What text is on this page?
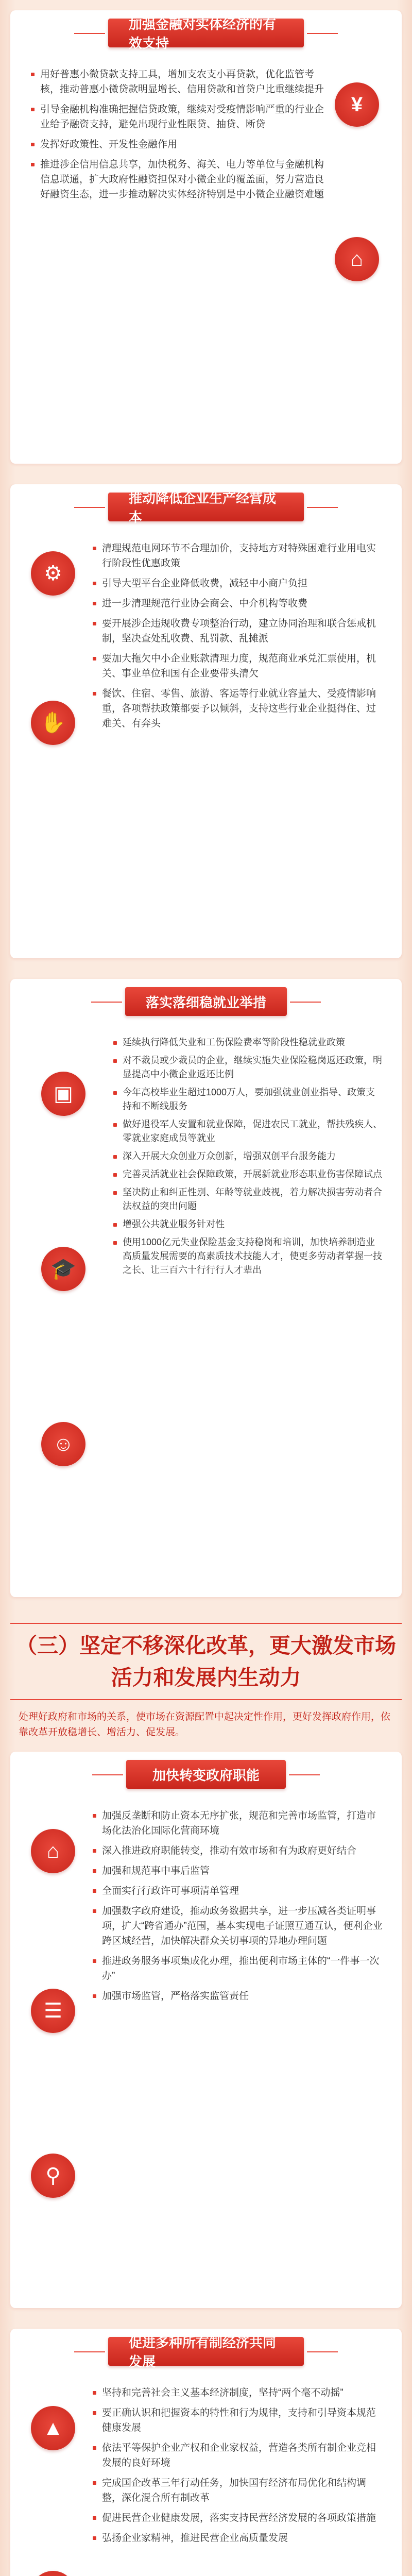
加强金融对实体经济的有效支持
用好普惠小微贷款支持工具，增加支农支小再贷款，优化监管考核，推动普惠小微贷款明显增长、信用贷款和首贷户比重继续提升
引导金融机构准确把握信贷政策，继续对受疫情影响严重的行业企业给予融资支持，避免出现行业性限贷、抽贷、断贷
发挥好政策性、开发性金融作用
推进涉企信用信息共享，加快税务、海关、电力等单位与金融机构信息联通，扩大政府性融资担保对小微企业的覆盖面，努力营造良好融资生态，进一步推动解决实体经济特别是中小微企业融资难题
¥
⌂
推动降低企业生产经营成本
清理规范电网环节不合理加价，支持地方对特殊困难行业用电实行阶段性优惠政策
引导大型平台企业降低收费，减轻中小商户负担
进一步清理规范行业协会商会、中介机构等收费
要开展涉企违规收费专项整治行动，建立协同治理和联合惩戒机制，坚决查处乱收费、乱罚款、乱摊派
要加大拖欠中小企业账款清理力度，规范商业承兑汇票使用，机关、事业单位和国有企业要带头清欠
餐饮、住宿、零售、旅游、客运等行业就业容量大、受疫情影响重，各项帮扶政策都要予以倾斜，支持这些行业企业挺得住、过难关、有奔头
⚙
✋
落实落细稳就业举措
延续执行降低失业和工伤保险费率等阶段性稳就业政策
对不裁员或少裁员的企业，继续实施失业保险稳岗返还政策，明显提高中小微企业返还比例
今年高校毕业生超过1000万人，要加强就业创业指导、政策支持和不断线服务
做好退役军人安置和就业保障，促进农民工就业，帮扶残疾人、零就业家庭成员等就业
深入开展大众创业万众创新，增强双创平台服务能力
完善灵活就业社会保障政策，开展新就业形态职业伤害保障试点
坚决防止和纠正性别、年龄等就业歧视，着力解决损害劳动者合法权益的突出问题
增强公共就业服务针对性
使用1000亿元失业保险基金支持稳岗和培训，加快培养制造业高质量发展需要的高素质技术技能人才，使更多劳动者掌握一技之长、让三百六十行行行人才辈出
▣
🎓
☺
（三）坚定不移深化改革，更大激发市场活力和发展内生动力
处理好政府和市场的关系，使市场在资源配置中起决定性作用，更好发挥政府作用，依靠改革开放稳增长、增活力、促发展。
加快转变政府职能
加强反垄断和防止资本无序扩张，规范和完善市场监管，打造市场化法治化国际化营商环境
深入推进政府职能转变，推动有效市场和有为政府更好结合
加强和规范事中事后监管
全面实行行政许可事项清单管理
加强数字政府建设，推动政务数据共享，进一步压减各类证明事项，扩大“跨省通办”范围，基本实现电子证照互通互认，便利企业跨区域经营，加快解决群众关切事项的异地办理问题
推进政务服务事项集成化办理，推出便利市场主体的“一件事一次办”
加强市场监管，严格落实监管责任
⌂
☰
⚲
促进多种所有制经济共同发展
坚持和完善社会主义基本经济制度，坚持“两个毫不动摇”
要正确认识和把握资本的特性和行为规律，支持和引导资本规范健康发展
依法平等保护企业产权和企业家权益，营造各类所有制企业竞相发展的良好环境
完成国企改革三年行动任务，加快国有经济布局优化和结构调整，深化混合所有制改革
促进民营企业健康发展，落实支持民营经济发展的各项政策措施
弘扬企业家精神，推进民营企业高质量发展
▲
